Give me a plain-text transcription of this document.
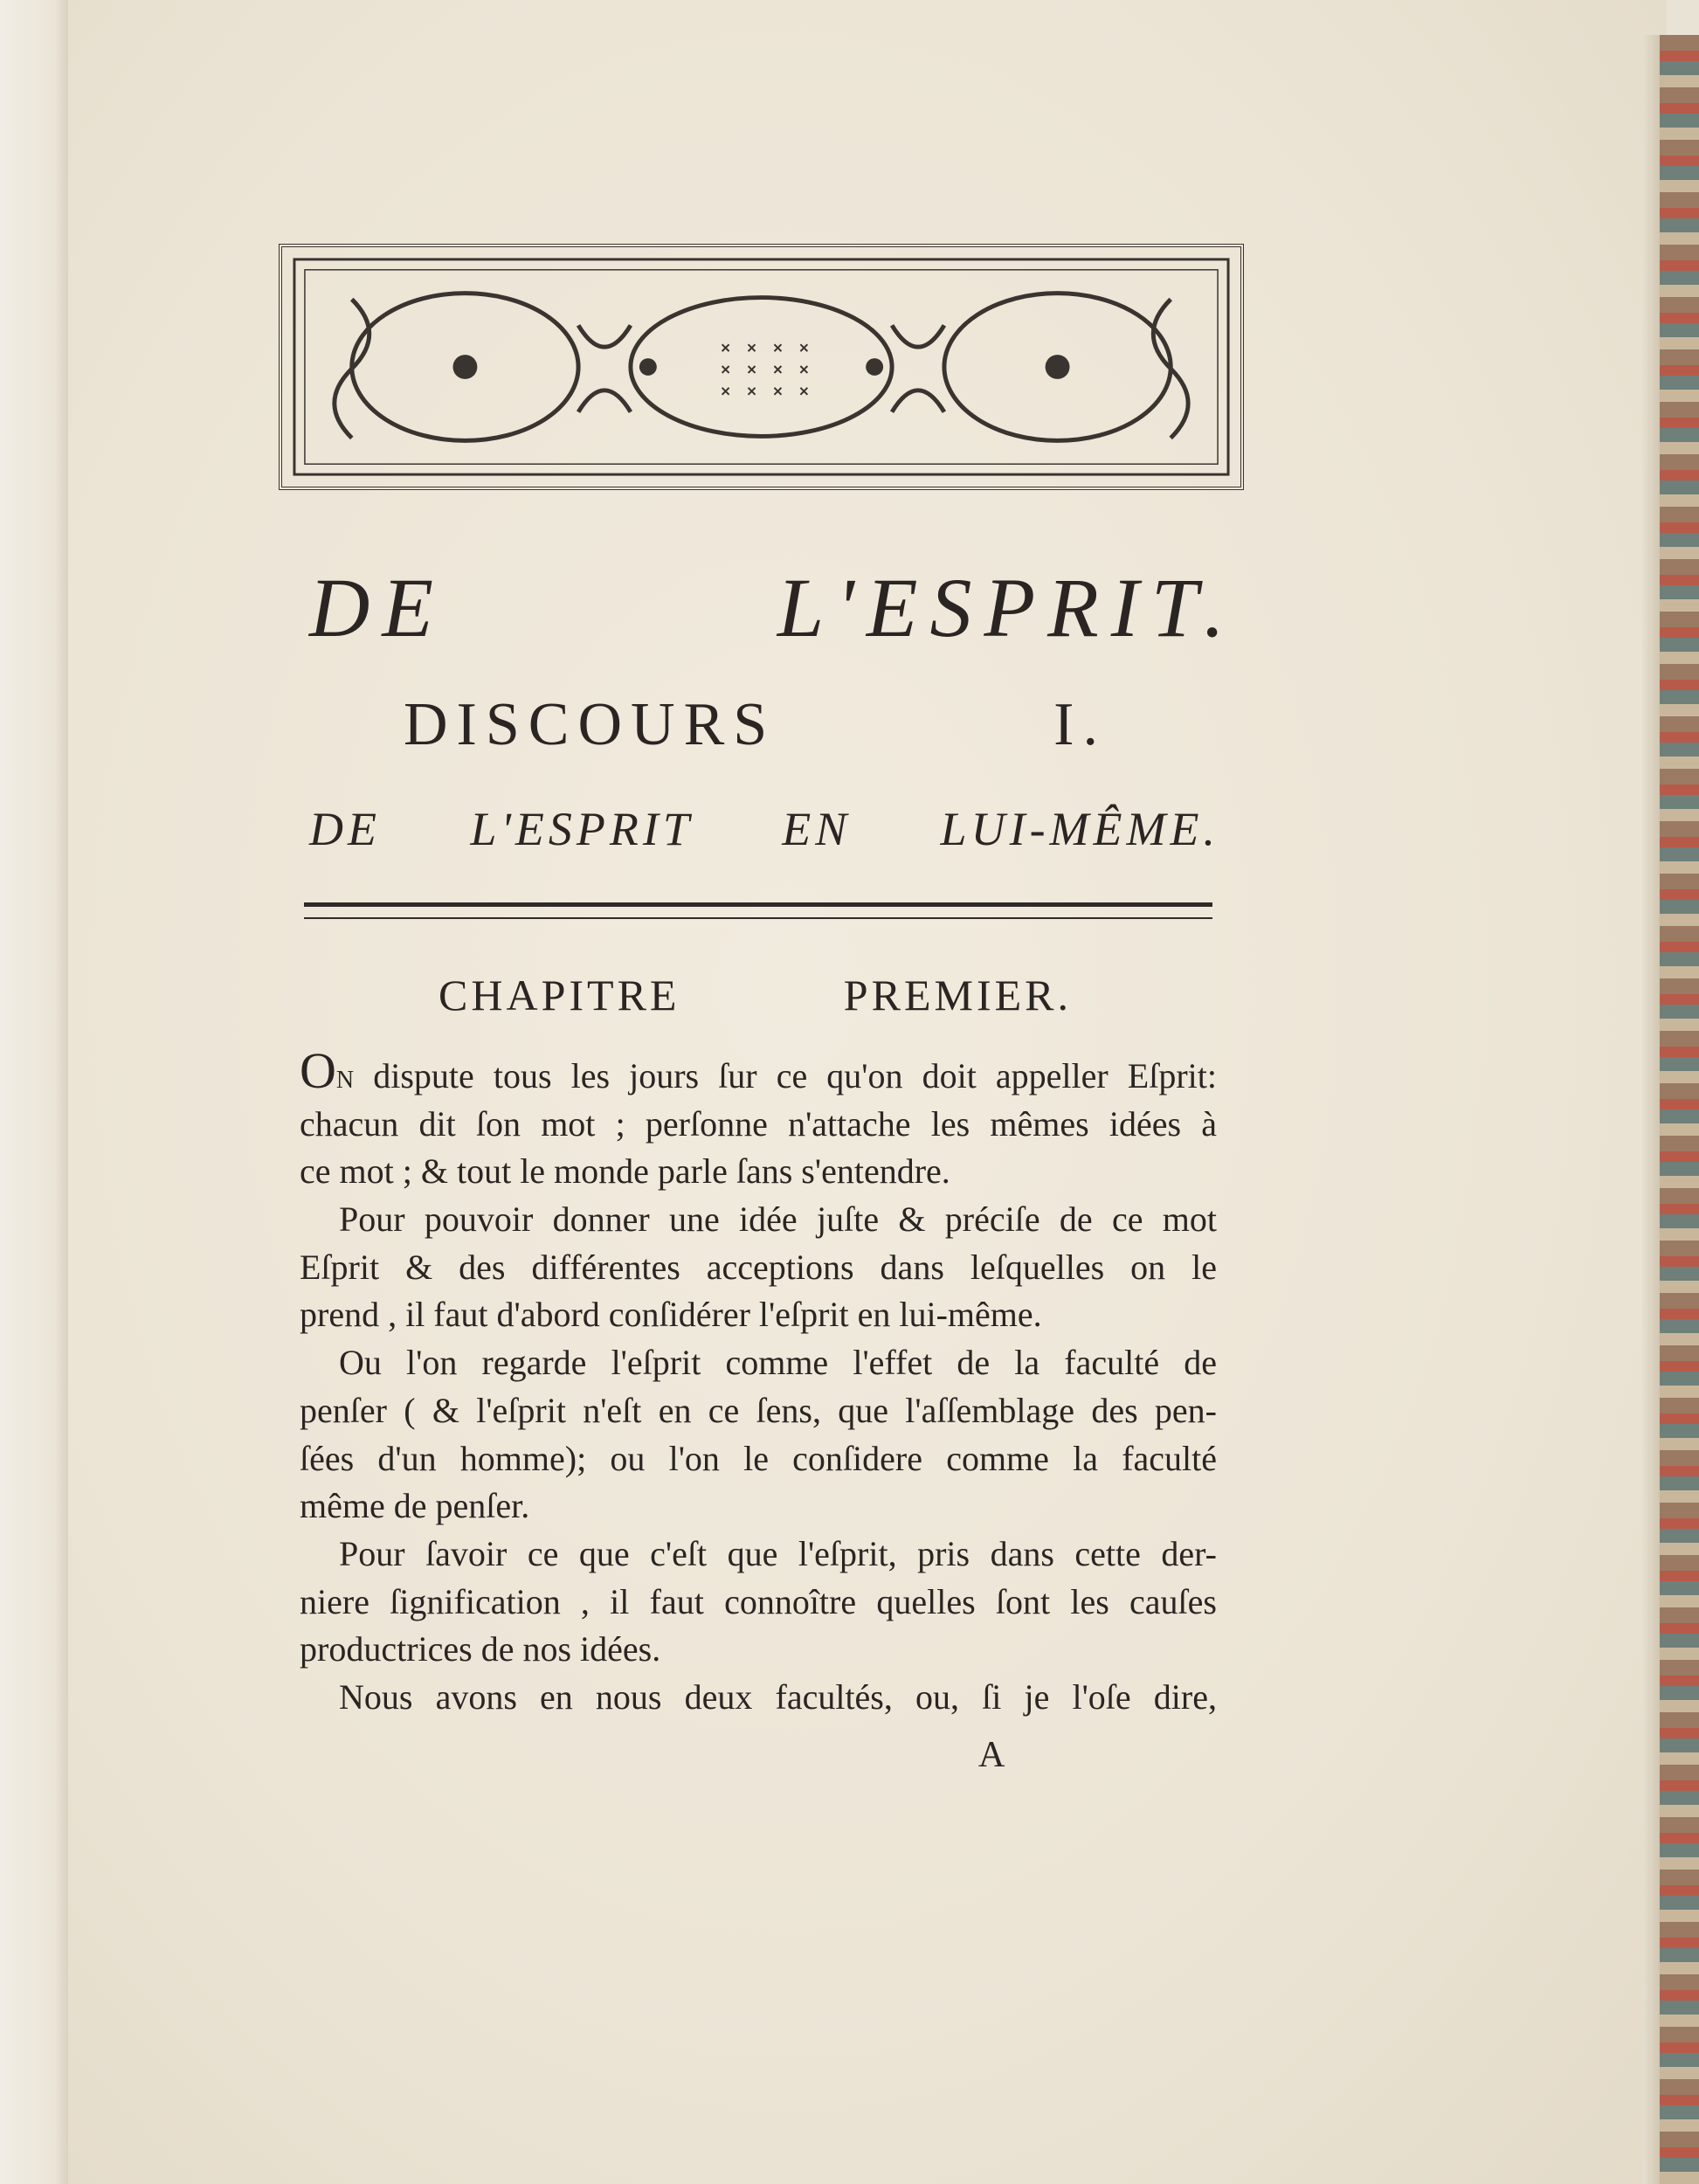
DE L'ESPRIT.
DISCOURS I.
DE L'ESPRIT EN LUI-MÊME.
CHAPITRE PREMIER.
ON dispute tous les jours ſur ce qu'on doit appeller Eſprit:
chacun dit ſon mot ; perſonne n'attache les mêmes idées à
ce mot ; & tout le monde parle ſans s'entendre.
Pour pouvoir donner une idée juſte & préciſe de ce mot
Eſprit & des différentes acceptions dans leſquelles on le
prend , il faut d'abord conſidérer l'eſprit en lui-même.
Ou l'on regarde l'eſprit comme l'effet de la faculté de
penſer ( & l'eſprit n'eſt en ce ſens, que l'aſſemblage des pen-
ſées d'un homme); ou l'on le conſidere comme la faculté
même de penſer.
Pour ſavoir ce que c'eſt que l'eſprit, pris dans cette der-
niere ſignification , il faut connoître quelles ſont les cauſes
productrices de nos idées.
Nous avons en nous deux facultés, ou, ſi je l'oſe dire,
A
